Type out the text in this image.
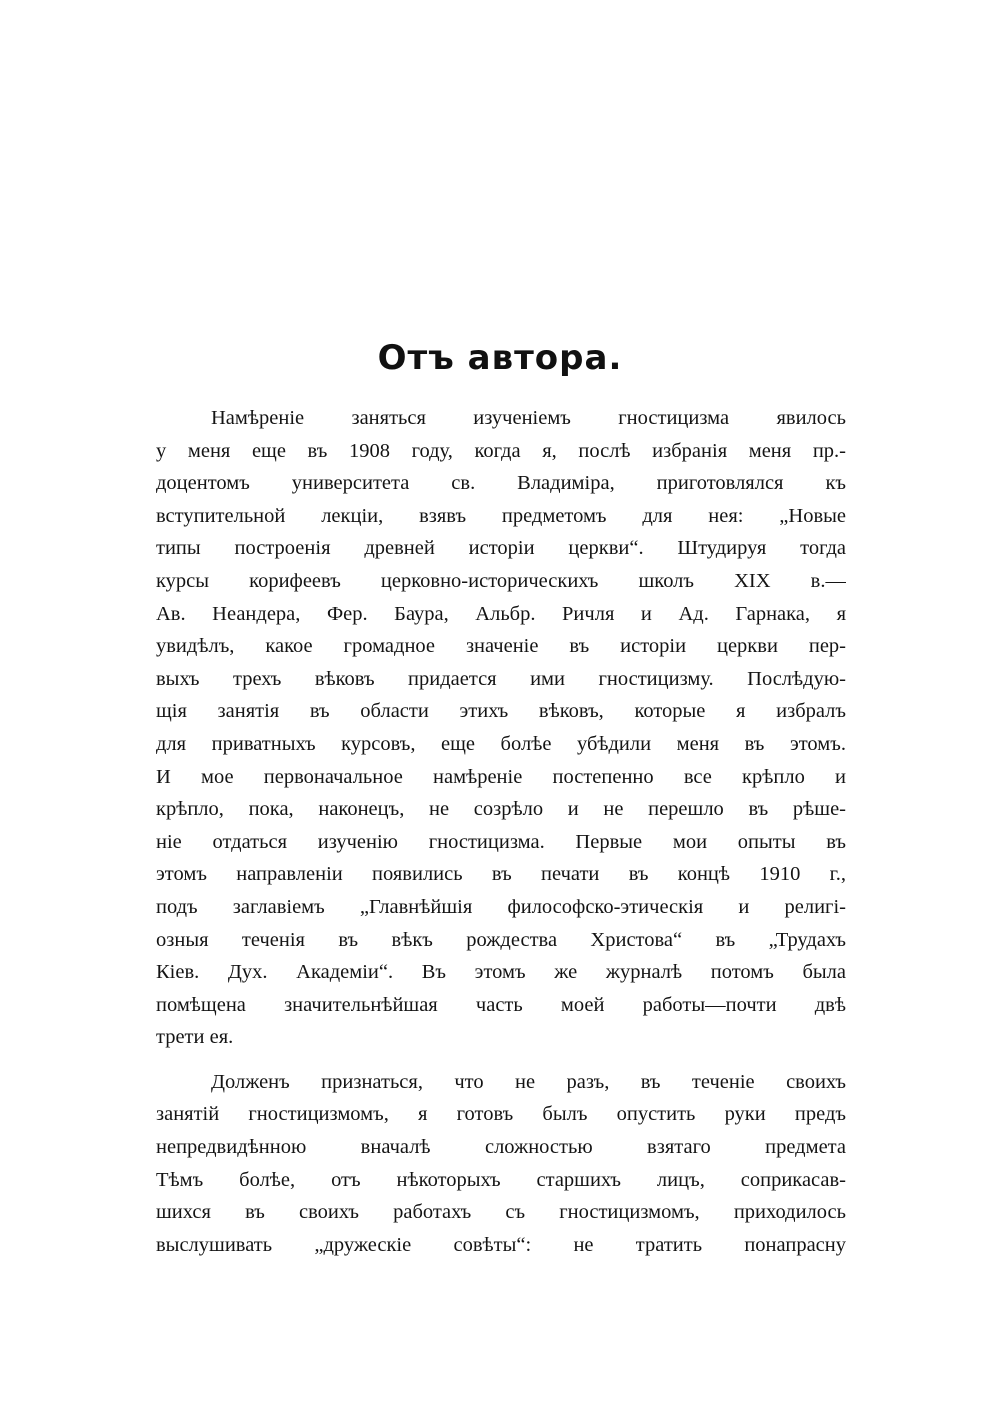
Отъ автора.
Намѣреніе заняться изученіемъ гностицизма явилось
у меня еще въ 1908 году, когда я, послѣ избранія меня пр.-
доцентомъ университета св. Владиміра, приготовлялся къ
вступительной лекціи, взявъ предметомъ для нея: „Новые
типы построенія древней исторіи церкви“. Штудируя тогда
курсы корифеевъ церковно-историческихъ школъ XIX в.—
Ав. Неандера, Фер. Баура, Альбр. Ричля и Ад. Гарнака, я
увидѣлъ, какое громадное значеніе въ исторіи церкви пер-
выхъ трехъ вѣковъ придается ими гностицизму. Послѣдую-
щія занятія въ области этихъ вѣковъ, которые я избралъ
для приватныхъ курсовъ, еще болѣе убѣдили меня въ этомъ.
И мое первоначальное намѣреніе постепенно все крѣпло и
крѣпло, пока, наконецъ, не созрѣло и не перешло въ рѣше-
ніе отдаться изученію гностицизма. Первые мои опыты въ
этомъ направленіи появились въ печати въ концѣ 1910 г.,
подъ заглавіемъ „Главнѣйшія философско-этическія и религі-
озныя теченія въ вѣкъ рождества Христова“ въ „Трудахъ
Кіев. Дух. Академіи“. Въ этомъ же журналѣ потомъ была
помѣщена значительнѣйшая часть моей работы—почти двѣ
трети ея.
Долженъ признаться, что не разъ, въ теченіе своихъ
занятій гностицизмомъ, я готовъ былъ опустить руки предъ
непредвидѣнною вначалѣ сложностью взятаго предмета
Тѣмъ болѣе, отъ нѣкоторыхъ старшихъ лицъ, соприкасав-
шихся въ своихъ работахъ съ гностицизмомъ, приходилось
выслушивать „дружескіе совѣты“: не тратить понапрасну
